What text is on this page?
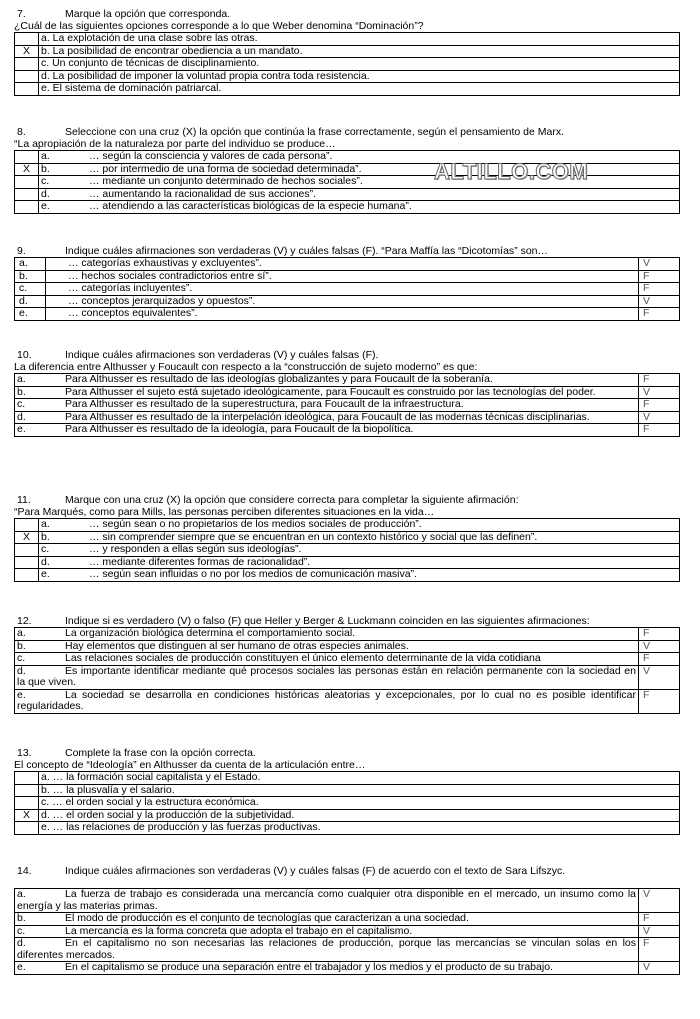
7.	Marque la opción que corresponda.
¿Cuál de las siguientes opciones corresponde a lo que Weber denomina “Dominación”?
	a. La explotación de una clase sobre las otras.
X	b. La posibilidad de encontrar obediencia a un mandato.
	c. Un conjunto de técnicas de disciplinamiento.
	d. La posibilidad de imponer la voluntad propia contra toda resistencia.
	e. El sistema de dominación patriarcal.
8.	Seleccione con una cruz (X) la opción que continúa la frase correctamente, según el pensamiento de Marx.
“La apropiación de la naturaleza por parte del individuo se produce…
	a. … según la consciencia y valores de cada persona”.
X	b. … por intermedio de una forma de sociedad determinada”.
	c. … mediante un conjunto determinado de hechos sociales”.
	d. … aumentando la racionalidad de sus acciones”.
	e. … atendiendo a las características biológicas de la especie humana”.
ALTILLO.COM
9.	Indique cuáles afirmaciones son verdaderas (V) y cuáles falsas (F). “Para Maffía las “Dicotomías” son…
a.	… categorías exhaustivas y excluyentes”.	V
b.	… hechos sociales contradictorios entre sí”.	F
c.	… categorías incluyentes”.	F
d.	… conceptos jerarquizados y opuestos”.	V
e.	… conceptos equivalentes”.	F
10.	Indique cuáles afirmaciones son verdaderas (V) y cuáles falsas (F).
La diferencia entre Althusser y Foucault con respecto a la “construcción de sujeto moderno” es que:
a. Para Althusser es resultado de las ideologías globalizantes y para Foucault de la soberanía.	F
b. Para Althusser el sujeto está sujetado ideológicamente, para Foucault es construido por las tecnologías del poder.	V
c. Para Althusser es resultado de la superestructura, para Foucault de la infraestructura.	F
d. Para Althusser es resultado de la interpelación ideológica, para Foucault de las modernas técnicas disciplinarias.	V
e. Para Althusser es resultado de la ideología, para Foucault de la biopolítica.	F
11.	Marque con una cruz (X) la opción que considere correcta para completar la siguiente afirmación:
“Para Marqués, como para Mills, las personas perciben diferentes situaciones en la vida…
	a. … según sean o no propietarios de los medios sociales de producción”.
X	b. … sin comprender siempre que se encuentran en un contexto histórico y social que las definen”.
	c. … y responden a ellas según sus ideologías”.
	d. … mediante diferentes formas de racionalidad”.
	e. … según sean influidas o no por los medios de comunicación masiva”.
12.	Indique si es verdadero (V) o falso (F) que Heller y Berger & Luckmann coinciden en las siguientes afirmaciones:
a. La organización biológica determina el comportamiento social.	F
b. Hay elementos que distinguen al ser humano de otras especies animales.	V
c. Las relaciones sociales de producción constituyen el único elemento determinante de la vida cotidiana	F
d. Es importante identificar mediante qué procesos sociales las personas están en relación permanente con la sociedad en la que viven.	V
e. La sociedad se desarrolla en condiciones históricas aleatorias y excepcionales, por lo cual no es posible identificar regularidades.	F
13.	Complete la frase con la opción correcta.
El concepto de “Ideología” en Althusser da cuenta de la articulación entre…
	a. … la formación social capitalista y el Estado.
	b. … la plusvalía y el salario.
	c. … el orden social y la estructura económica.
X	d. … el orden social y la producción de la subjetividad.
	e. … las relaciones de producción y las fuerzas productivas.
14.	Indique cuáles afirmaciones son verdaderas (V) y cuáles falsas (F) de acuerdo con el texto de Sara Lifszyc.
a. La fuerza de trabajo es considerada una mercancía como cualquier otra disponible en el mercado, un insumo como la energía y las materias primas.	V
b. El modo de producción es el conjunto de tecnologías que caracterizan a una sociedad.	F
c. La mercancía es la forma concreta que adopta el trabajo en el capitalismo.	V
d. En el capitalismo no son necesarias las relaciones de producción, porque las mercancías se vinculan solas en los diferentes mercados.	F
e. En el capitalismo se produce una separación entre el trabajador y los medios y el producto de su trabajo.	V
